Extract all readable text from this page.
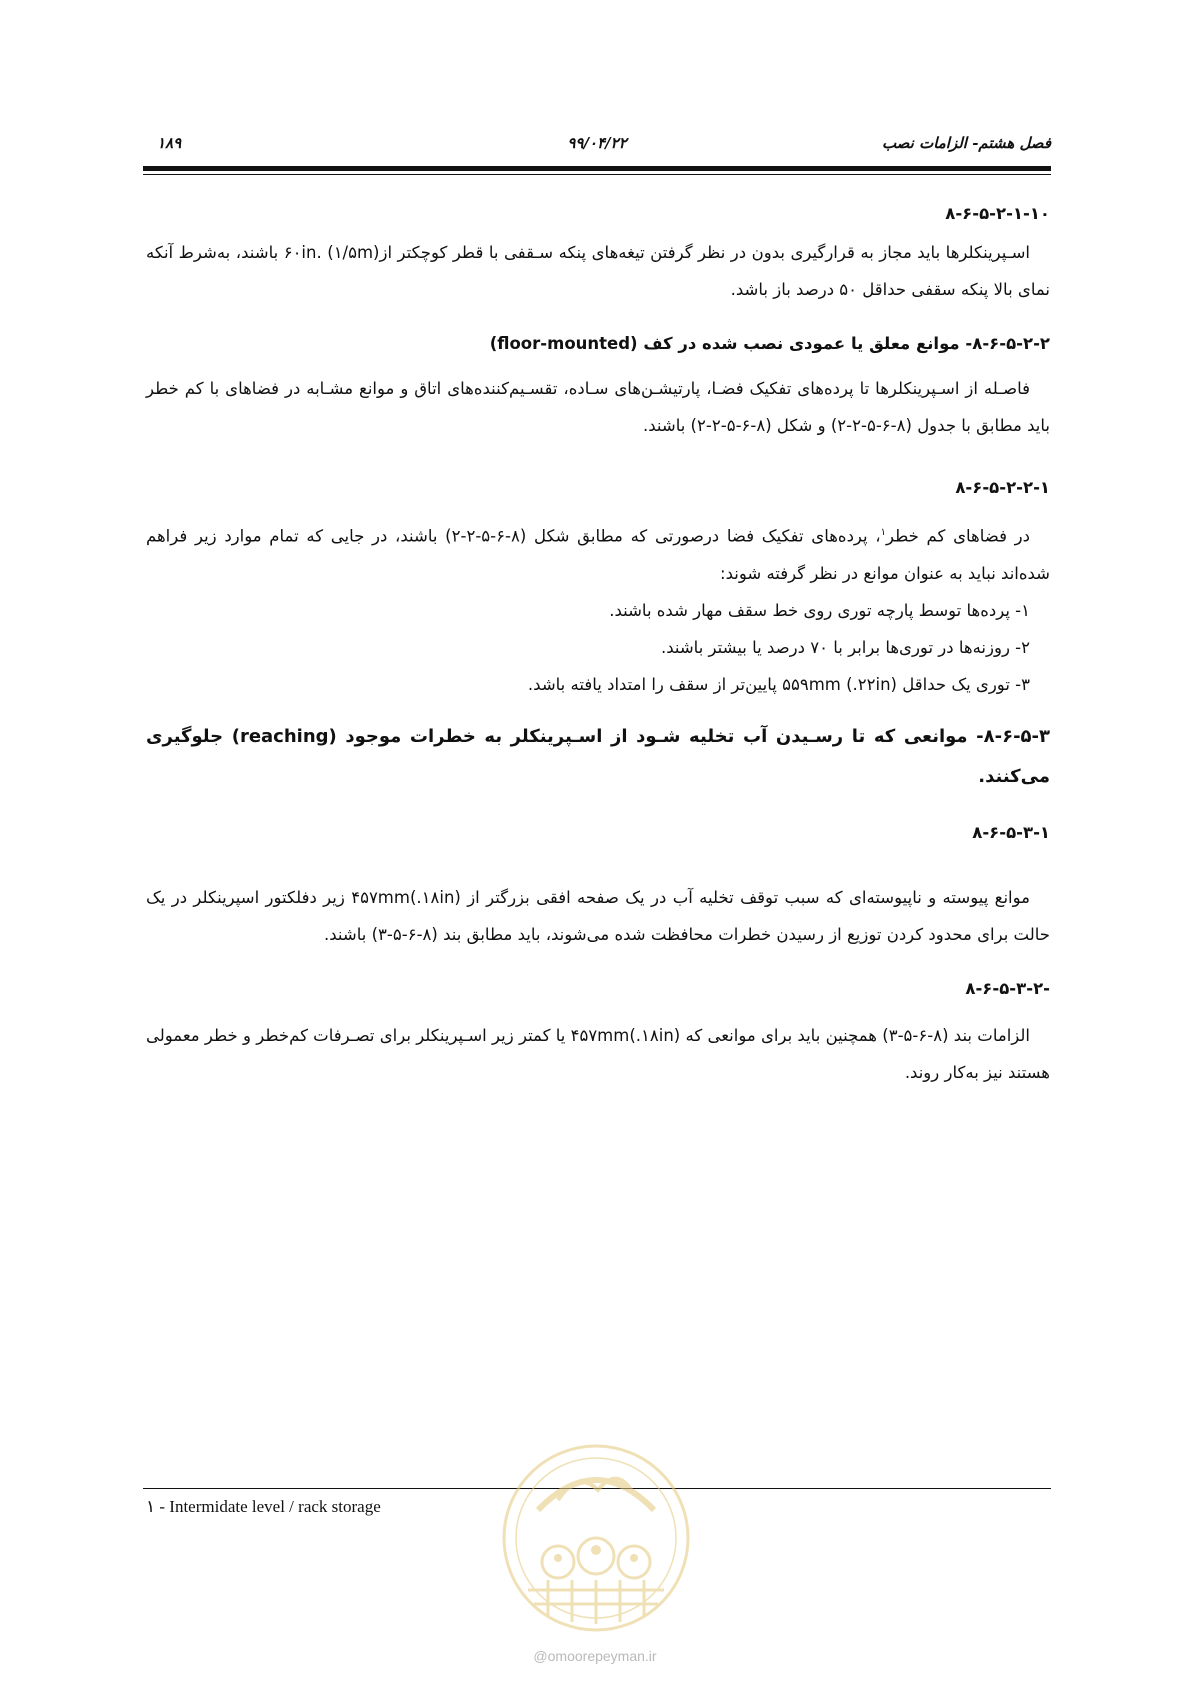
فصل هشتم- الزامات نصب
۹۹/۰۴/۲۲
۱۸۹
۸-۶-۵-۲-۱-۱۰

اسـپرینکلرها باید مجاز به قرارگیری بدون در نظر گرفتن تیغه‌های پنکه سـقفی با قطر کوچکتر از(۱/۵m) .۶۰in باشند، به‌شرط آنکه نمای بالا پنکه سقفی حداقل ۵۰ درصد باز باشد.

۸-۶-۵-۲-۲- موانع معلق یا عمودی نصب شده در کف (floor-mounted)

فاصـله از اسـپرینکلرها تا پرده‌های تفکیک فضـا، پارتیشـن‌های سـاده، تقسـیم‌کننده‌های اتاق و موانع مشـابه در فضاهای با کم خطر باید مطابق با جدول (۸-۶-۵-۲-۲) و شکل (۸-۶-۵-۲-۲) باشند.

۸-۶-۵-۲-۲-۱

در فضاهای کم خطر$^۱$، پرده‌های تفکیک فضا درصورتی که مطابق شکل (۸-۶-۵-۲-۲) باشند، در جایی که تمام موارد زیر فراهم شده‌اند نباید به عنوان موانع در نظر گرفته شوند:

۱- پرده‌ها توسط پارچه توری روی خط سقف مهار شده باشند.

۲- روزنه‌ها در توری‌ها برابر با ۷۰ درصد یا بیشتر باشند.

۳- توری یک حداقل ۵۵۹mm (.۲۲in) پایین‌تر از سقف را امتداد یافته باشد.

۸-۶-۵-۳- موانعی که تا رسـیدن آب تخلیه شـود از اسـپرینکلر به خطرات موجود (reaching) جلوگیری می‌کنند.

۸-۶-۵-۳-۱

موانع پیوسته و ناپیوسته‌ای که سبب توقف تخلیه آب در یک صفحه افقی بزرگتر از ۴۵۷mm(.۱۸in) زیر دفلکتور اسپرینکلر در یک حالت برای محدود کردن توزیع از رسیدن خطرات محافظت شده می‌شوند، باید مطابق بند (۸-۶-۵-۳) باشند.

۸-۶-۵-۳-۲-

الزامات بند (۸-۶-۵-۳) همچنین باید برای موانعی که ۴۵۷mm(.۱۸in) یا کمتر زیر اسـپرینکلر برای تصـرفات کم‌خطر و خطر معمولی هستند نیز به‌کار روند.

۱ - Intermidate level / rack storage
@omoorepeyman.ir
